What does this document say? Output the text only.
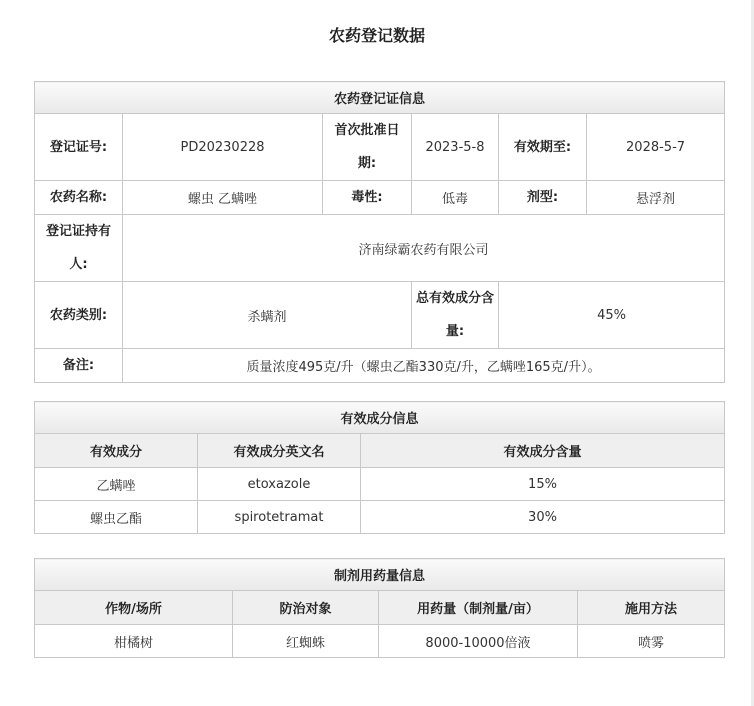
农药登记数据
农药登记证信息					
登记证号:	PD20230228	首次批准日期:	2023-5-8	有效期至:	2028-5-7
农药名称:	螺虫 乙螨唑	毒性:	低毒	剂型:	悬浮剂
登记证持有人:	济南绿霸农药有限公司				
农药类别:	杀螨剂		总有效成分含量:	45%	
备注:	质量浓度495克/升（螺虫乙酯330克/升，乙螨唑165克/升）。				
有效成分信息		
有效成分	有效成分英文名	有效成分含量
乙螨唑	etoxazole	15%
螺虫乙酯	spirotetramat	30%
制剂用药量信息			
作物/场所	防治对象	用药量（制剂量/亩）	施用方法
柑橘树	红蜘蛛	8000-10000倍液	喷雾
